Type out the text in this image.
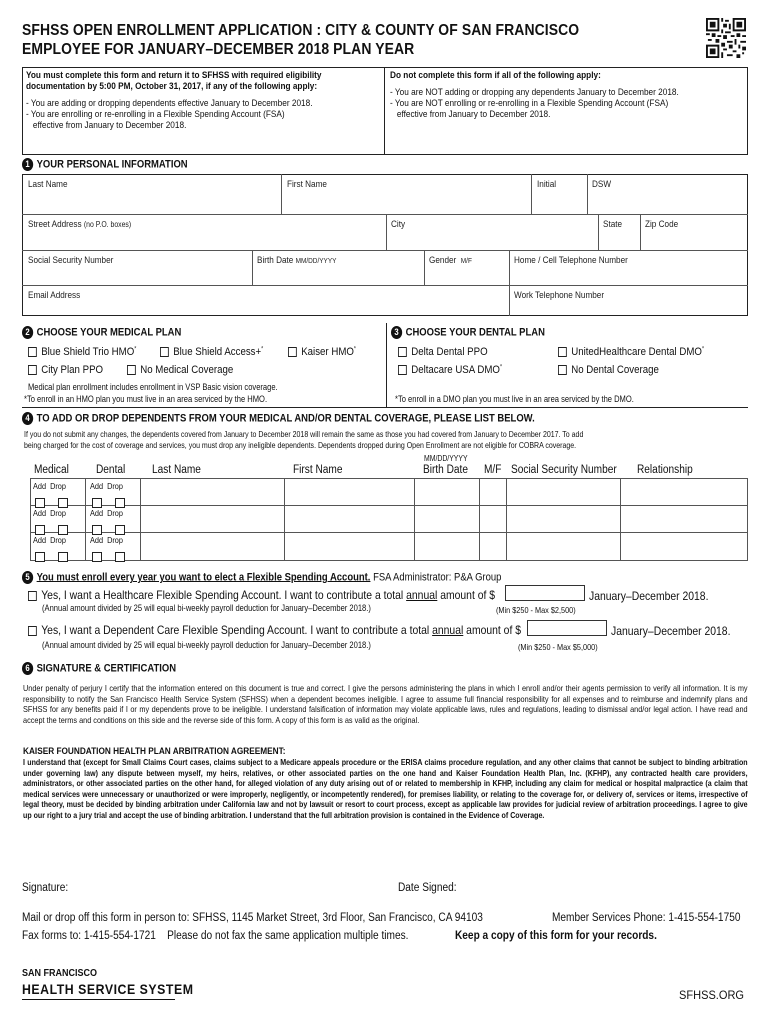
SFHSS OPEN ENROLLMENT APPLICATION : CITY & COUNTY OF SAN FRANCISCO
EMPLOYEE FOR JANUARY–DECEMBER 2018 PLAN YEAR
You must complete this form and return it to SFHSS with required eligibility
documentation by 5:00 PM, October 31, 2017, if any of the following apply:
- You are adding or dropping dependents effective January to December 2018.
- You are enrolling or re-enrolling in a Flexible Spending Account (FSA)
effective from January to December 2018.
Do not complete this form if all of the following apply:
- You are NOT adding or dropping any dependents January to December 2018.
- You are NOT enrolling or re-enrolling in a Flexible Spending Account (FSA)
effective from January to December 2018.
1 YOUR PERSONAL INFORMATION
Last Name	First Name	Initial	DSW
Street Address (no P.O. boxes)	City	State Zip Code
Social Security Number	Birth Date MM/DD/YYYY	Gender M/F	Home / Cell Telephone Number
Email Address	Work Telephone Number
2 CHOOSE YOUR MEDICAL PLAN	3 CHOOSE YOUR DENTAL PLAN
Blue Shield Trio HMO*	Blue Shield Access+*	Kaiser HMO*
City Plan PPO	No Medical Coverage
Medical plan enrollment includes enrollment in VSP Basic vision coverage.
*To enroll in an HMO plan you must live in an area serviced by the HMO.
Delta Dental PPO	UnitedHealthcare Dental DMO*
Deltacare USA DMO*	No Dental Coverage
*To enroll in a DMO plan you must live in an area serviced by the DMO.
4 TO ADD OR DROP DEPENDENTS FROM YOUR MEDICAL AND/OR DENTAL COVERAGE, PLEASE LIST BELOW.
If you do not submit any changes, the dependents covered from January to December 2018 will remain the same as those you had covered from January to December 2017. To add
being charged for the cost of coverage and services, you must drop any ineligible dependents. Dependents dropped during Open Enrollment are not eligible for COBRA coverage.
MM/DD/YYYY
Medical Dental Last Name	First Name	Birth Date M/F Social Security Number Relationship
Add Drop	Add Drop
Add Drop	Add Drop
Add Drop	Add Drop
5 You must enroll every year you want to elect a Flexible Spending Account. FSA Administrator: P&A Group
Yes, I want a Healthcare Flexible Spending Account. I want to contribute a total annual amount of $	January–December 2018.
(Annual amount divided by 25 will equal bi-weekly payroll deduction for January–December 2018.)	(Min $250 - Max $2,500)
Yes, I want a Dependent Care Flexible Spending Account. I want to contribute a total annual amount of $	January–December 2018.
(Annual amount divided by 25 will equal bi-weekly payroll deduction for January–December 2018.)	(Min $250 - Max $5,000)
6 SIGNATURE & CERTIFICATION
Under penalty of perjury I certify that the information entered on this document is true and correct. I give the persons administering the plans in which I enroll and/or their agents permission to verify all information. It is my responsibility to notify the San Francisco Health Service System (SFHSS) when a dependent becomes ineligible. I agree to assume full financial responsibility for all expenses and to reimburse and indemnify plans and SFHSS for any benefits paid if I or my dependents prove to be ineligible. I understand falsification of information may violate applicable laws, rules and regulations, leading to dismissal and/or legal action. I have read and accept the terms and conditions on this side and the reverse side of this form. A copy of this form is as valid as the original.
KAISER FOUNDATION HEALTH PLAN ARBITRATION AGREEMENT:
I understand that (except for Small Claims Court cases, claims subject to a Medicare appeals procedure or the ERISA claims procedure regulation, and any other claims that cannot be subject to binding arbitration under governing law) any dispute between myself, my heirs, relatives, or other associated parties on the one hand and Kaiser Foundation Health Plan, Inc. (KFHP), any contracted health care providers, administrators, or other associated parties on the other hand, for alleged violation of any duty arising out of or related to membership in KFHP, including any claim for medical or hospital malpractice (a claim that medical services were unnecessary or unauthorized or were improperly, negligently, or incompetently rendered), for premises liability, or relating to the coverage for, or delivery of, services or items, irrespective of legal theory, must be decided by binding arbitration under California law and not by lawsuit or resort to court process, except as applicable law provides for judicial review of arbitration proceedings. I agree to give up our right to a jury trial and accept the use of binding arbitration. I understand that the full arbitration provision is contained in the Evidence of Coverage.
Signature:	Date Signed:
Mail or drop off this form in person to: SFHSS, 1145 Market Street, 3rd Floor, San Francisco, CA 94103	Member Services Phone: 1-415-554-1750
Fax forms to: 1-415-554-1721    Please do not fax the same application multiple times.	Keep a copy of this form for your records.
SAN FRANCISCO
HEALTH SERVICE SYSTEM	SFHSS.ORG
